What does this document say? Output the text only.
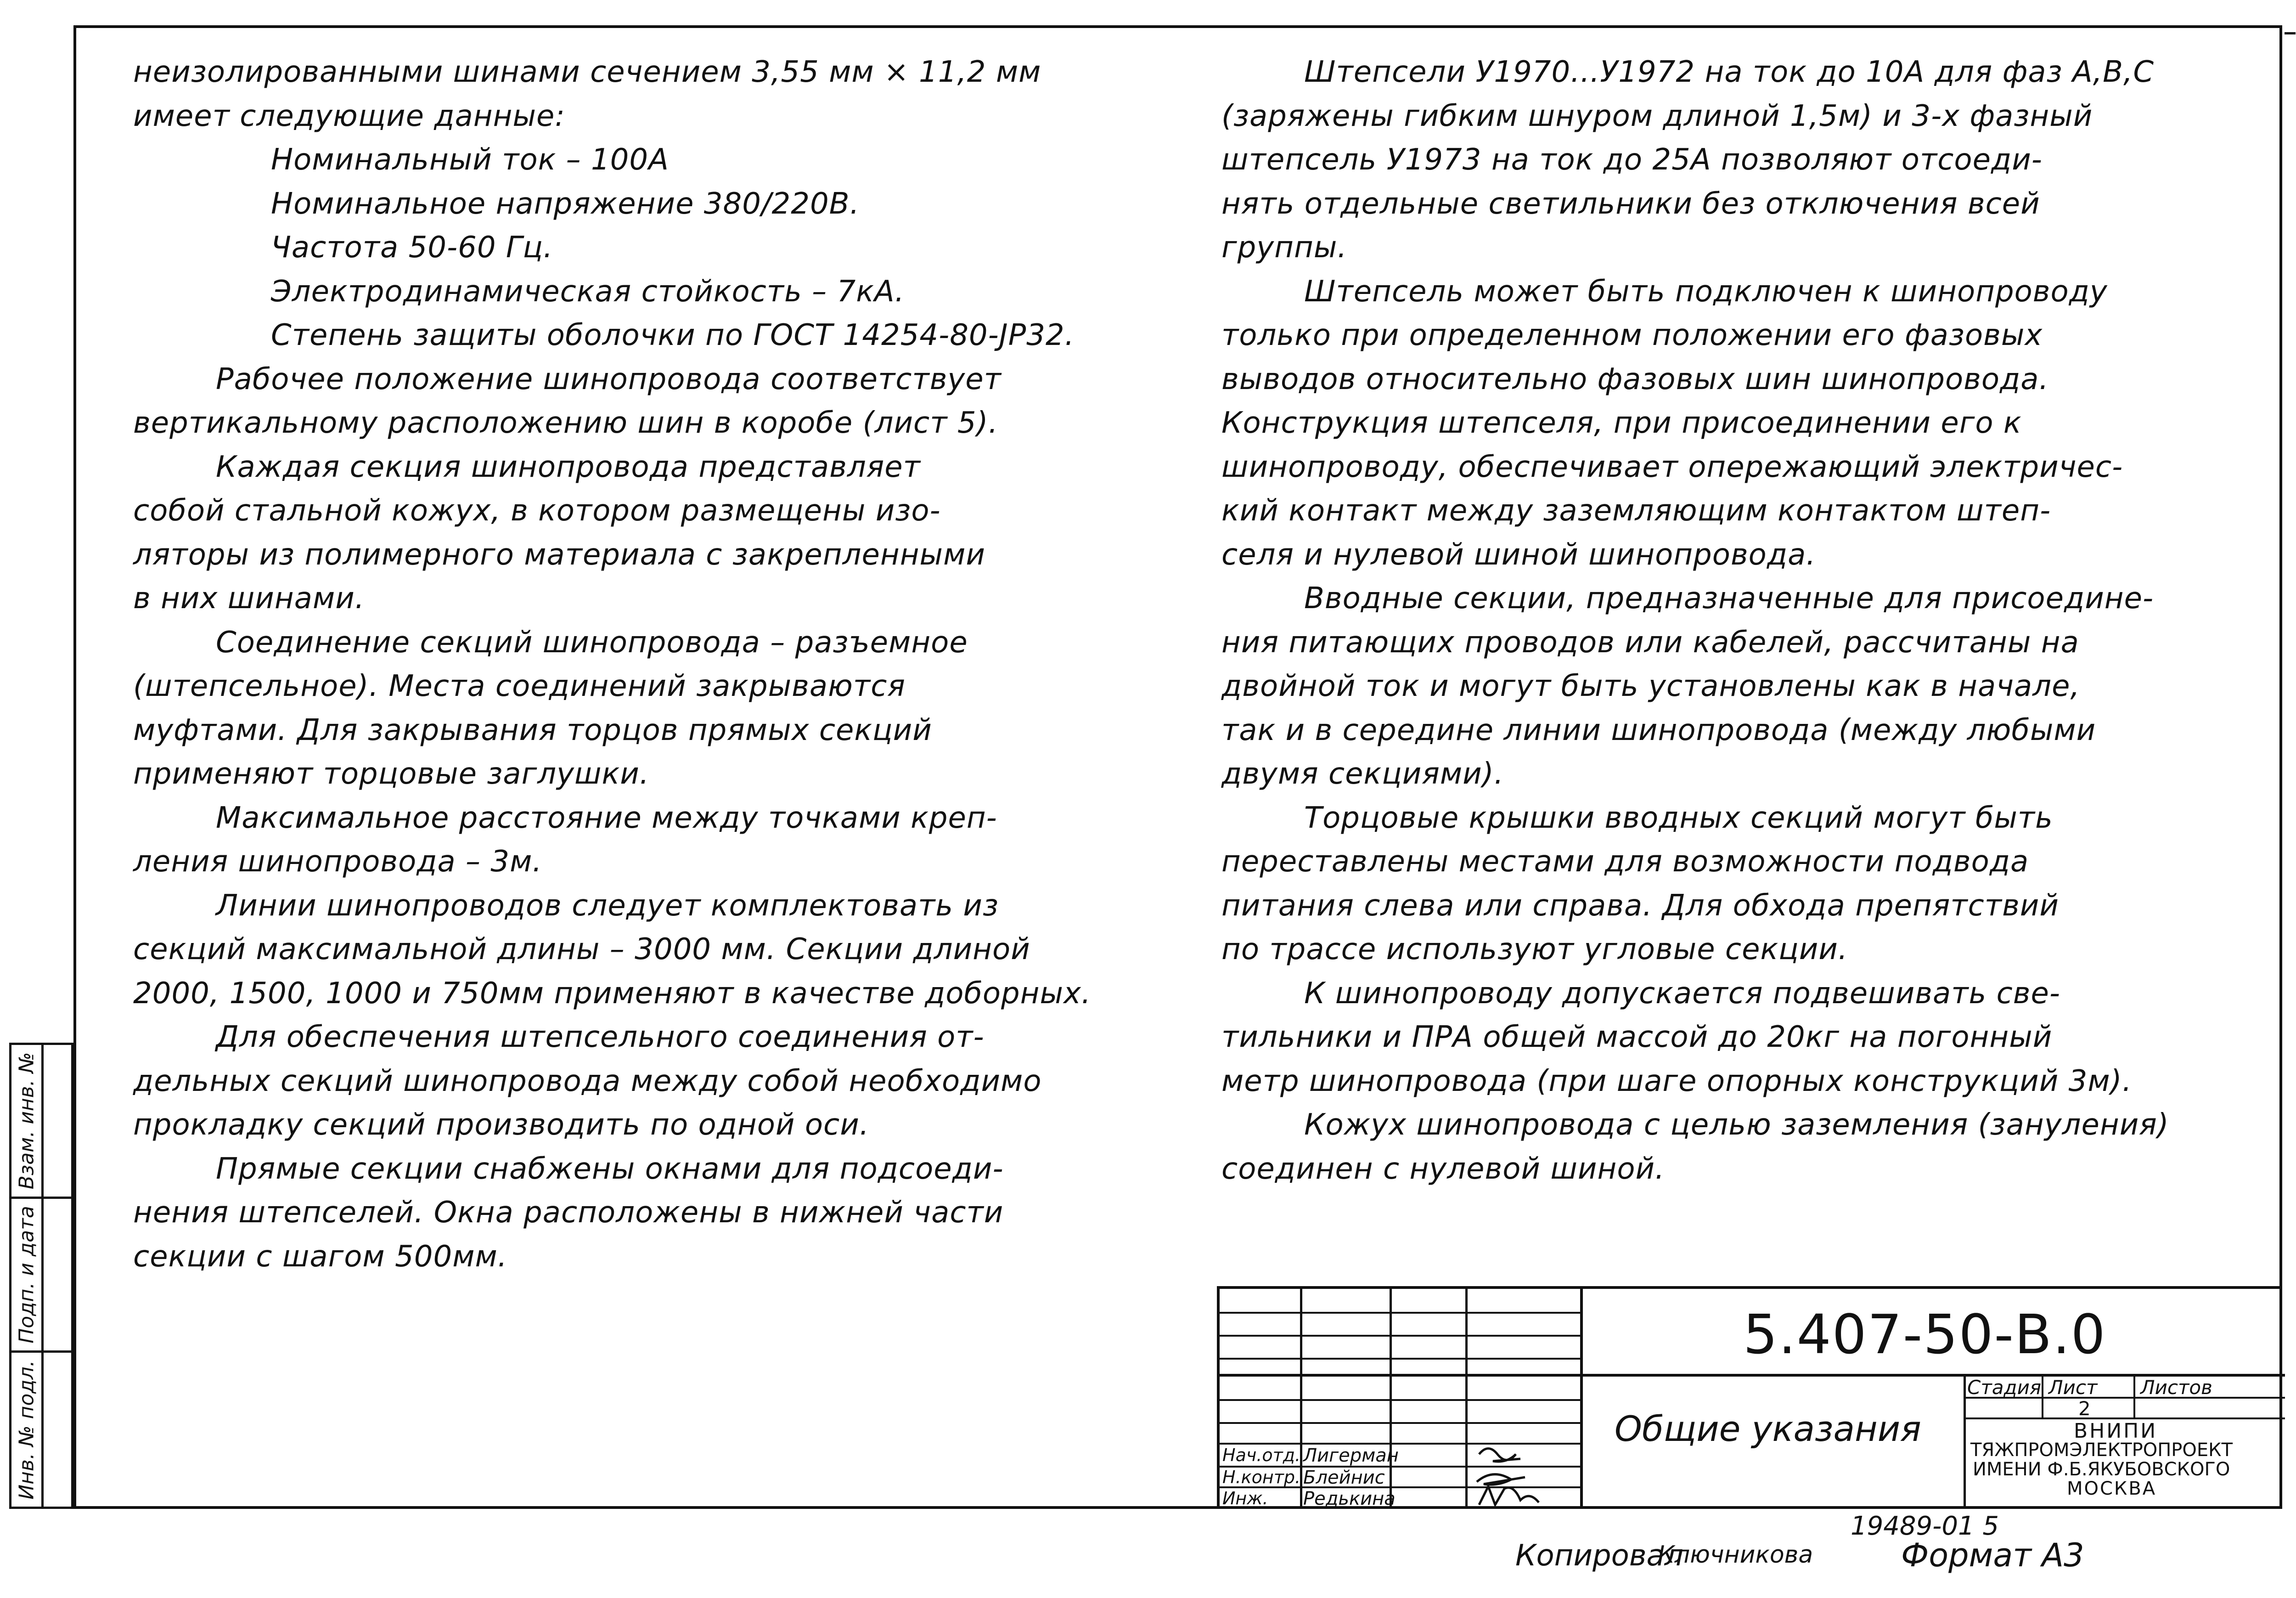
неизолированными шинами сечением 3,55 мм × 11,2 мм
имеет следующие данные:
Номинальный ток – 100А
Номинальное напряжение 380/220В.
Частота 50-60 Гц.
Электродинамическая стойкость – 7кА.
Степень защиты оболочки по ГОСТ 14254-80-ЈР32.
Рабочее положение шинопровода соответствует
вертикальному расположению шин в коробе (лист 5).
Каждая секция шинопровода представляет
собой стальной кожух, в котором размещены изо-
ляторы из полимерного материала с закрепленными
в них шинами.
Соединение секций шинопровода – разъемное
(штепсельное). Места соединений закрываются
муфтами. Для закрывания торцов прямых секций
применяют торцовые заглушки.
Максимальное расстояние между точками креп-
ления шинопровода – 3м.
Линии шинопроводов следует комплектовать из
секций максимальной длины – 3000 мм. Секции длиной
2000, 1500, 1000 и 750мм применяют в качестве доборных.
Для обеспечения штепсельного соединения от-
дельных секций шинопровода между собой необходимо
прокладку секций производить по одной оси.
Прямые секции снабжены окнами для подсоеди-
нения штепселей. Окна расположены в нижней части
секции с шагом 500мм.
Штепсели У1970...У1972 на ток до 10А для фаз А,В,С
(заряжены гибким шнуром длиной 1,5м) и 3-х фазный
штепсель У1973 на ток до 25А позволяют отсоеди-
нять отдельные светильники без отключения всей
группы.
Штепсель может быть подключен к шинопроводу
только при определенном положении его фазовых
выводов относительно фазовых шин шинопровода.
Конструкция штепселя, при присоединении его к
шинопроводу, обеспечивает опережающий электричес-
кий контакт между заземляющим контактом штеп-
селя и нулевой шиной шинопровода.
Вводные секции, предназначенные для присоедине-
ния питающих проводов или кабелей, рассчитаны на
двойной ток и могут быть установлены как в начале,
так и в середине линии шинопровода (между любыми
двумя секциями).
Торцовые крышки вводных секций могут быть
переставлены местами для возможности подвода
питания слева или справа. Для обхода препятствий
по трассе используют угловые секции.
К шинопроводу допускается подвешивать све-
тильники и ПРА общей массой до 20кг на погонный
метр шинопровода (при шаге опорных конструкций 3м).
Кожух шинопровода с целью заземления (зануления)
соединен с нулевой шиной.
Взам. инв. №
Подп. и дата
Инв. № подл.
5.407-50-В.0
Общие указания
Стадия Лист Листов
2
ВНИПИ
ТЯЖПРОМЭЛЕКТРОПРОЕКТ
ИМЕНИ Ф.Б.ЯКУБОВСКОГО
МОСКВА
Нач.отд. Лигерман
Н.контр. Блейнис
Инж. Редькина
19489-01 5
Копировал
Ключникова	Формат А3
